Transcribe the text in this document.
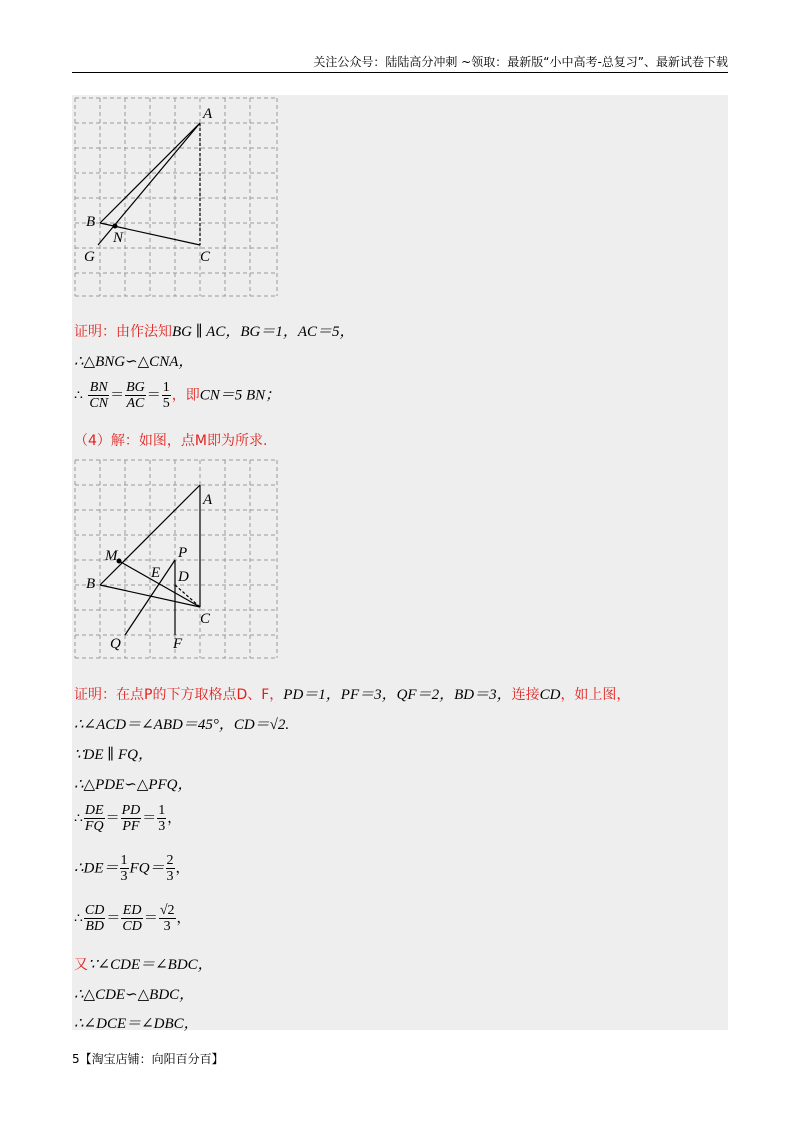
关注公众号：陆陆高分冲刺 ~领取：最新版“小中高考-总复习”、最新试卷下载
A
B
N
G	C
证明：由作法知BG ∥ AC，BG＝1，AC＝5，
∴△BNG∽△CNA，
∴ $\frac{BN}{CN} = \frac{BG}{AC} = \frac{1}{5}$ ，即CN＝5 BN；
（4）解：如图，点M即为所求.
A
M	P
E D
B
C
Q	F
证明：在点P的下方取格点D、F，PD＝1，PF＝3，QF＝2，BD＝3，连接CD，如上图，
∴∠ACD＝∠ABD＝45°，CD＝√2.
∵DE ∥ FQ，
∴△PDE∽△PFQ，
∴ $\frac{DE}{FQ} = \frac{PD}{PF} = \frac{1}{3}$ ，
∴DE＝ $\frac{1}{3} FQ= \frac{2}{3}$ ，
∴ $\frac{CD}{BD} = \frac{ED}{CD} = \frac{√2}{3}$ ，
又∵∠CDE＝∠BDC，
∴△CDE∽△BDC，
∴∠DCE＝∠DBC，
5【淘宝店铺：向阳百分百】
